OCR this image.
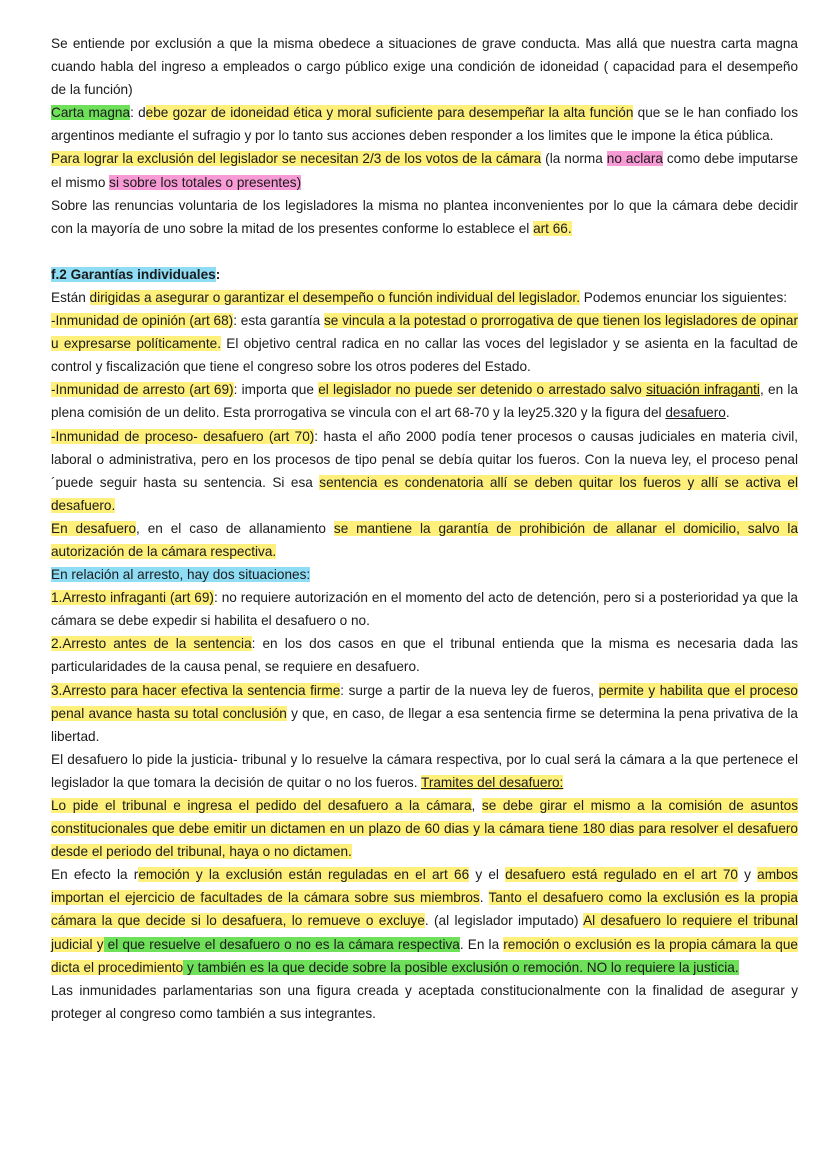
Se entiende por exclusión a que la misma obedece a situaciones de grave conducta. Mas allá que nuestra carta magna cuando habla del ingreso a empleados o cargo público exige una condición de idoneidad ( capacidad para el desempeño de la función)

Carta magna: debe gozar de idoneidad ética y moral suficiente para desempeñar la alta función que se le han confiado los argentinos mediante el sufragio y por lo tanto sus acciones deben responder a los limites que le impone la ética pública.

Para lograr la exclusión del legislador se necesitan 2/3 de los votos de la cámara (la norma no aclara como debe imputarse el mismo si sobre los totales o presentes)

Sobre las renuncias voluntaria de los legisladores la misma no plantea inconvenientes por lo que la cámara debe decidir con la mayoría de uno sobre la mitad de los presentes conforme lo establece el art 66.

f.2 Garantías individuales:

Están dirigidas a asegurar o garantizar el desempeño o función individual del legislador. Podemos enunciar los siguientes:

-Inmunidad de opinión (art 68): esta garantía se vincula a la potestad o prorrogativa de que tienen los legisladores de opinar u expresarse políticamente. El objetivo central radica en no callar las voces del legislador y se asienta en la facultad de control y fiscalización que tiene el congreso sobre los otros poderes del Estado.

-Inmunidad de arresto (art 69): importa que el legislador no puede ser detenido o arrestado salvo situación infraganti, en la plena comisión de un delito. Esta prorrogativa se vincula con el art 68-70 y la ley25.320 y la figura del desafuero.

-Inmunidad de proceso- desafuero (art 70): hasta el año 2000 podía tener procesos o causas judiciales en materia civil, laboral o administrativa, pero en los procesos de tipo penal se debía quitar los fueros. Con la nueva ley, el proceso penal ´puede seguir hasta su sentencia. Si esa sentencia es condenatoria allí se deben quitar los fueros y allí se activa el desafuero.

En desafuero, en el caso de allanamiento se mantiene la garantía de prohibición de allanar el domicilio, salvo la autorización de la cámara respectiva.

En relación al arresto, hay dos situaciones:

1.Arresto infraganti (art 69): no requiere autorización en el momento del acto de detención, pero si a posterioridad ya que la cámara se debe expedir si habilita el desafuero o no.

2.Arresto antes de la sentencia: en los dos casos en que el tribunal entienda que la misma es necesaria dada las particularidades de la causa penal, se requiere en desafuero.

3.Arresto para hacer efectiva la sentencia firme: surge a partir de la nueva ley de fueros, permite y habilita que el proceso penal avance hasta su total conclusión y que, en caso, de llegar a esa sentencia firme se determina la pena privativa de la libertad.

El desafuero lo pide la justicia- tribunal y lo resuelve la cámara respectiva, por lo cual será la cámara a la que pertenece el legislador la que tomara la decisión de quitar o no los fueros. Tramites del desafuero:

Lo pide el tribunal e ingresa el pedido del desafuero a la cámara, se debe girar el mismo a la comisión de asuntos constitucionales que debe emitir un dictamen en un plazo de 60 dias y la cámara tiene 180 dias para resolver el desafuero desde el periodo del tribunal, haya o no dictamen.

En efecto la remoción y la exclusión están reguladas en el art 66 y el desafuero está regulado en el art 70 y ambos importan el ejercicio de facultades de la cámara sobre sus miembros. Tanto el desafuero como la exclusión es la propia cámara la que decide si lo desafuera, lo remueve o excluye. (al legislador imputado) Al desafuero lo requiere el tribunal judicial y el que resuelve el desafuero o no es la cámara respectiva. En la remoción o exclusión es la propia cámara la que dicta el procedimiento y también es la que decide sobre la posible exclusión o remoción. NO lo requiere la justicia.

Las inmunidades parlamentarias son una figura creada y aceptada constitucionalmente con la finalidad de asegurar y proteger al congreso como también a sus integrantes.
